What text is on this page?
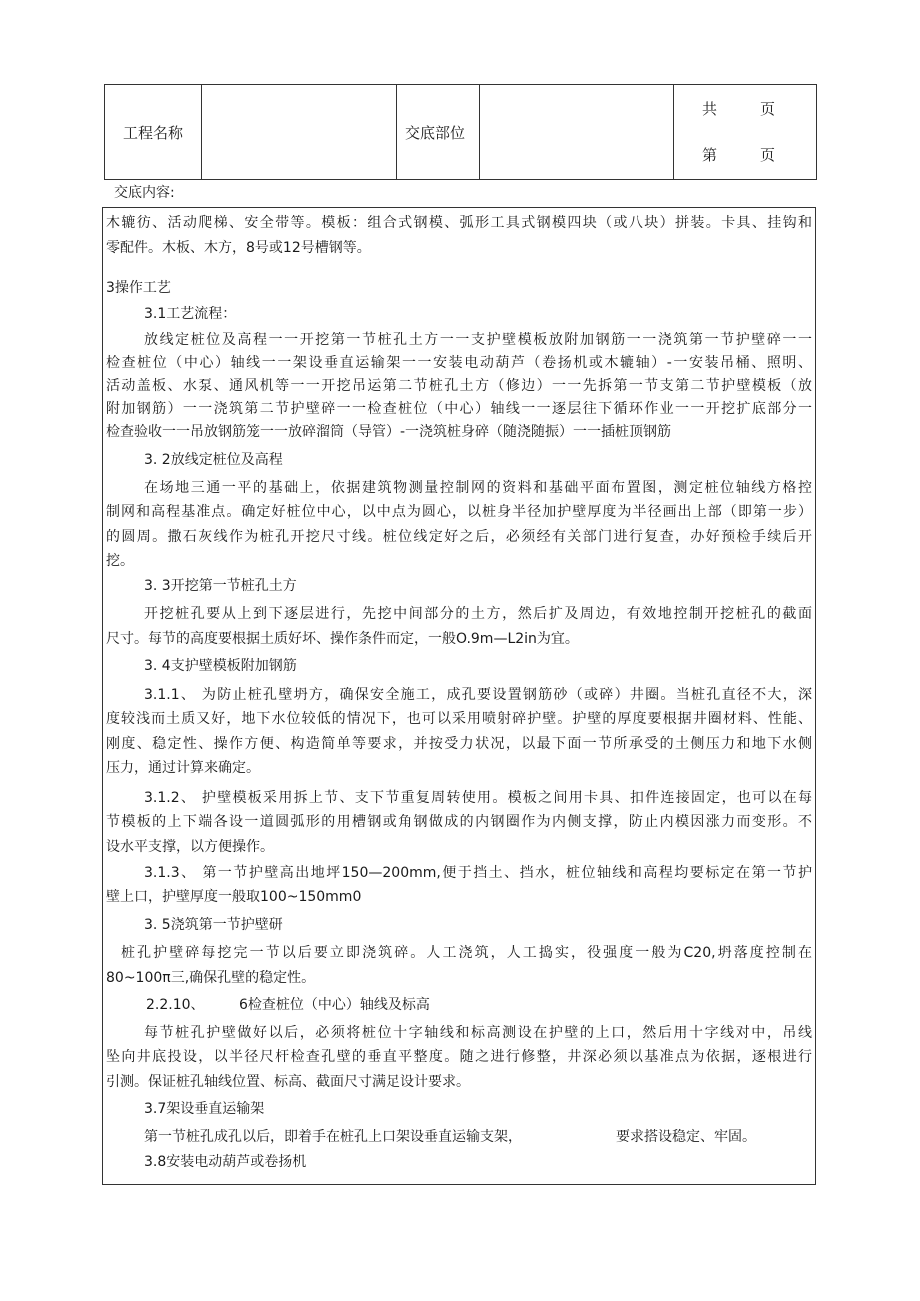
工程名称		交底部位		
共	页
第	页
交底内容:
木辘彷、活动爬梯、安全带等。模板：组合式钢模、弧形工具式钢模四块（或八块）拼装。卡具、挂钩和
零配件。木板、木方，8号或12号槽钢等。
3操作工艺
3.1工艺流程：
放线定桩位及高程一一开挖第一节桩孔土方一一支护壁模板放附加钢筋一一浇筑第一节护壁碎一一
检查桩位（中心）轴线一一架设垂直运输架一一安装电动葫芦（卷扬机或木辘轴）-一安装吊桶、照明、
活动盖板、水泵、通风机等一一开挖吊运第二节桩孔土方（修边）一一先拆第一节支第二节护壁模板（放
附加钢筋）一一浇筑第二节护壁碎一一检查桩位（中心）轴线一一逐层往下循环作业一一开挖扩底部分一
检查验收一一吊放钢筋笼一一放碎溜筒（导管）-一浇筑桩身碎（随浇随振）一一插桩顶钢筋
3. 2放线定桩位及高程
在场地三通一平的基础上，依据建筑物测量控制网的资料和基础平面布置图，测定桩位轴线方格控
制网和高程基准点。确定好桩位中心，以中点为圆心，以桩身半径加护壁厚度为半径画出上部（即第一步）
的圆周。撒石灰线作为桩孔开挖尺寸线。桩位线定好之后，必须经有关部门进行复查，办好预检手续后开
挖。
3. 3开挖第一节桩孔土方
开挖桩孔要从上到下逐层进行，先挖中间部分的土方，然后扩及周边，有效地控制开挖桩孔的截面
尺寸。每节的高度要根据土质好坏、操作条件而定，一般O.9m—L2in为宜。
3. 4支护壁模板附加钢筋
3.1.1、 为防止桩孔壁坍方，确保安全施工，成孔要设置钢筋砂（或碎）井圈。当桩孔直径不大，深
度较浅而土质又好，地下水位较低的情况下，也可以采用喷射碎护壁。护壁的厚度要根据井圈材料、性能、
刚度、稳定性、操作方便、构造简单等要求，并按受力状况，以最下面一节所承受的土侧压力和地下水侧
压力，通过计算来确定。
3.1.2、 护壁模板采用拆上节、支下节重复周转使用。模板之间用卡具、扣件连接固定，也可以在每
节模板的上下端各设一道圆弧形的用槽钢或角钢做成的内钢圈作为内侧支撑，防止内模因涨力而变形。不
设水平支撑，以方便操作。
3.1.3、 第一节护壁高出地坪150—200mm,便于挡土、挡水，桩位轴线和高程均要标定在第一节护
壁上口，护壁厚度一般取100~150mm0
3. 5浇筑第一节护壁研
桩孔护壁碎每挖完一节以后要立即浇筑碎。人工浇筑，人工捣实，役强度一般为C20,坍落度控制在
80~100π三,确保孔壁的稳定性。
2.2.10、 6检查桩位（中心）轴线及标高
每节桩孔护壁做好以后，必须将桩位十字轴线和标高测设在护壁的上口，然后用十字线对中，吊线
坠向井底投设，以半径尺杆检查孔壁的垂直平整度。随之进行修整，井深必须以基准点为依据，逐根进行
引测。保证桩孔轴线位置、标高、截面尺寸满足设计要求。
3.7架设垂直运输架
第一节桩孔成孔以后，即着手在桩孔上口架设垂直运输支架，	要求搭设稳定、牢固。
3.8安装电动葫芦或卷扬机
